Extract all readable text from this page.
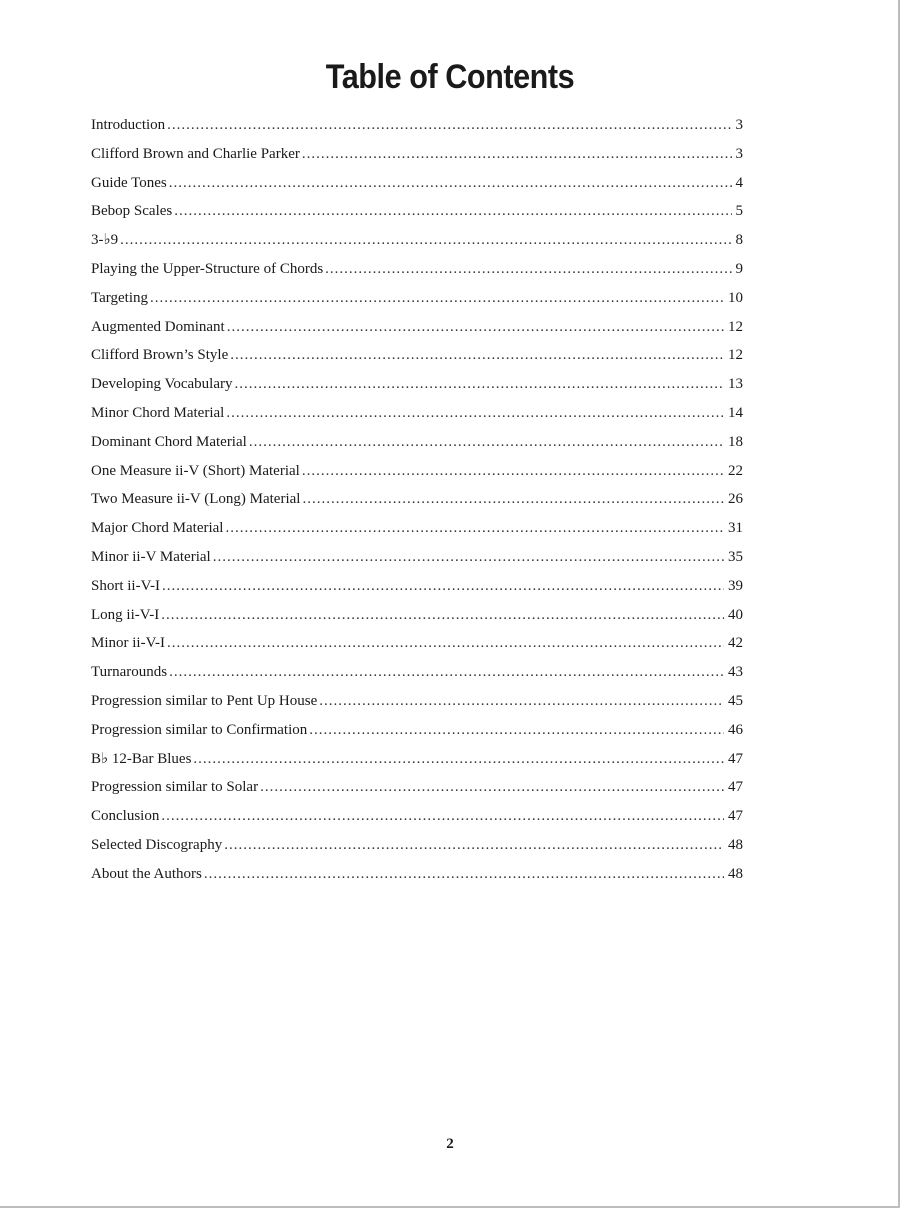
Table of Contents
Introduction .....	3
Clifford Brown and Charlie Parker .....	3
Guide Tones .....	4
Bebop Scales .....	5
3-♭9 .....	8
Playing the Upper-Structure of Chords .....	9
Targeting .....	10
Augmented Dominant .....	12
Clifford Brown’s Style .....	12
Developing Vocabulary .....	13
Minor Chord Material .....	14
Dominant Chord Material .....	18
One Measure ii-V (Short) Material .....	22
Two Measure ii-V (Long) Material .....	26
Major Chord Material .....	31
Minor ii-V Material .....	35
Short ii-V-I .....	39
Long ii-V-I .....	40
Minor ii-V-I .....	42
Turnarounds .....	43
Progression similar to Pent Up House .....	45
Progression similar to Confirmation .....	46
B♭ 12-Bar Blues .....	47
Progression similar to Solar .....	47
Conclusion .....	47
Selected Discography .....	48
About the Authors .....	48
2
